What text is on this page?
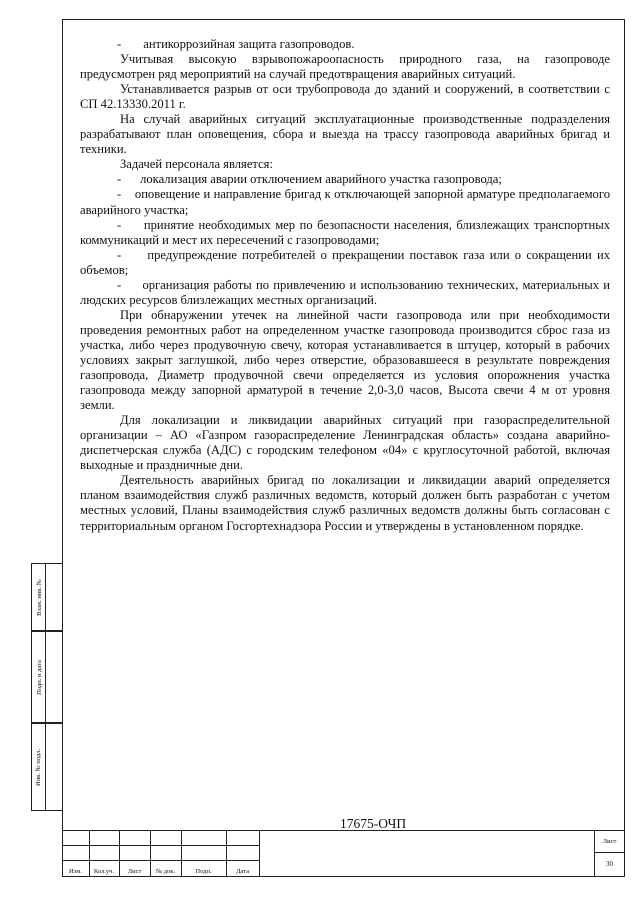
-       антикоррозийная защита газопроводов.

Учитывая высокую взрывопожароопасность природного газа, на газопроводе предусмотрен ряд мероприятий на случай предотвращения аварийных ситуаций.

Устанавливается разрыв от оси трубопровода до зданий и сооружений, в соответствии с СП 42.13330.2011 г.

На случай аварийных ситуаций эксплуатационные производственные подразделения разрабатывают план оповещения, сбора и выезда на трассу газопровода аварийных бригад и техники.

Задачей персонала является:

-      локализация аварии отключением аварийного участка газопровода;

-    оповещение и направление бригад к отключающей запорной арматуре предполагаемого аварийного участка;

-     принятие необходимых мер по безопасности населения, близлежащих транспортных коммуникаций и мест их пересечений с газопроводами;

-     предупреждение потребителей о прекращении поставок газа или о сокращении их объемов;

-     организация работы по привлечению и использованию технических, материальных и людских ресурсов близлежащих местных организаций.

При обнаружении утечек на линейной части газопровода или при необходимости проведения ремонтных работ на определенном участке газопровода производится сброс газа из участка, либо через продувочную свечу, которая устанавливается в штуцер, который в рабочих условиях закрыт заглушкой, либо через отверстие, образовавшееся в результате повреждения газопровода, Диаметр продувочной свечи определяется из условия опорожнения участка газопровода между запорной арматурой в течение 2,0-3,0 часов, Высота свечи 4 м от уровня земли.

Для локализации и ликвидации аварийных ситуаций при газораспределительной организации – АО «Газпром газораспределение Ленинградская область» создана аварийно-диспетчерская служба (АДС) с городским телефоном «04» с круглосуточной работой, включая выходные и праздничные дни.

Деятельность аварийных бригад по локализации и ликвидации аварий определяется планом взаимодействия служб различных ведомств, который должен быть разработан с учетом местных условий, Планы взаимодействия служб различных ведомств должны быть согласован с территориальным органом Госгортехнадзора России и утверждены в установленном порядке.

Взам. инв. №
Подп. и дата
Инв. № подл.
Изм.	Кол.уч.	Лист	№ док.	Подп.	Дата
17675-ОЧП
Лист
30
